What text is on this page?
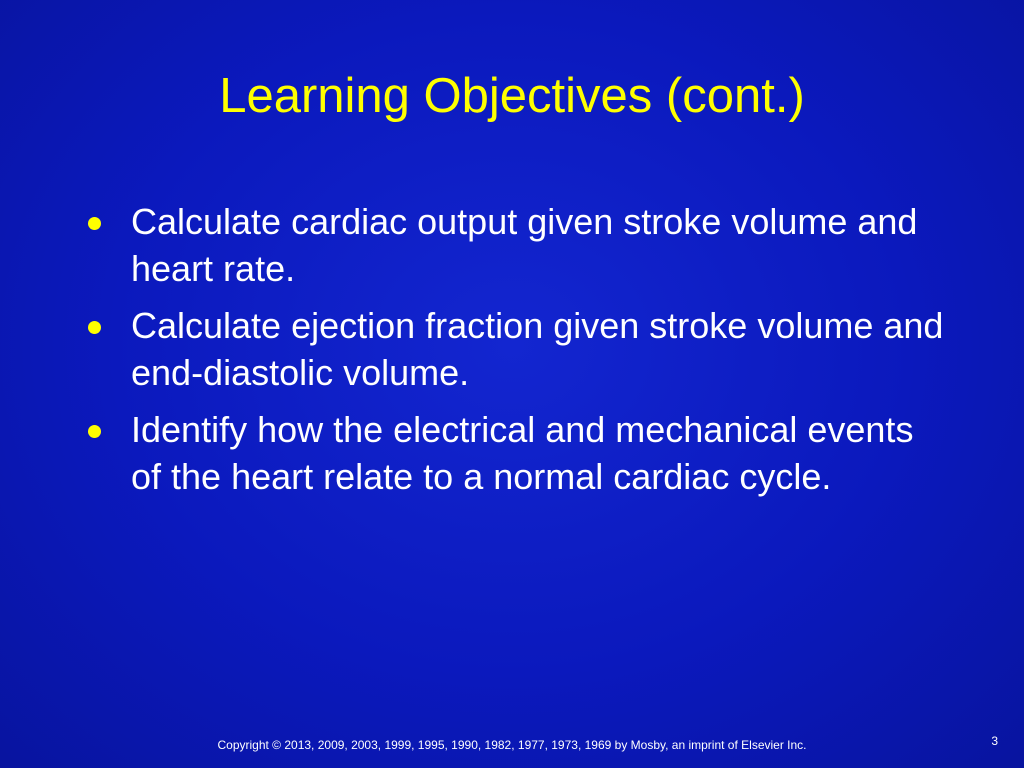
Learning Objectives (cont.)
Calculate cardiac output given stroke volume and heart rate.
Calculate ejection fraction given stroke volume and end-diastolic volume.
Identify how the electrical and mechanical events of the heart relate to a normal cardiac cycle.
Copyright © 2013, 2009, 2003, 1999, 1995, 1990, 1982, 1977, 1973, 1969 by Mosby, an imprint of Elsevier Inc.	3
